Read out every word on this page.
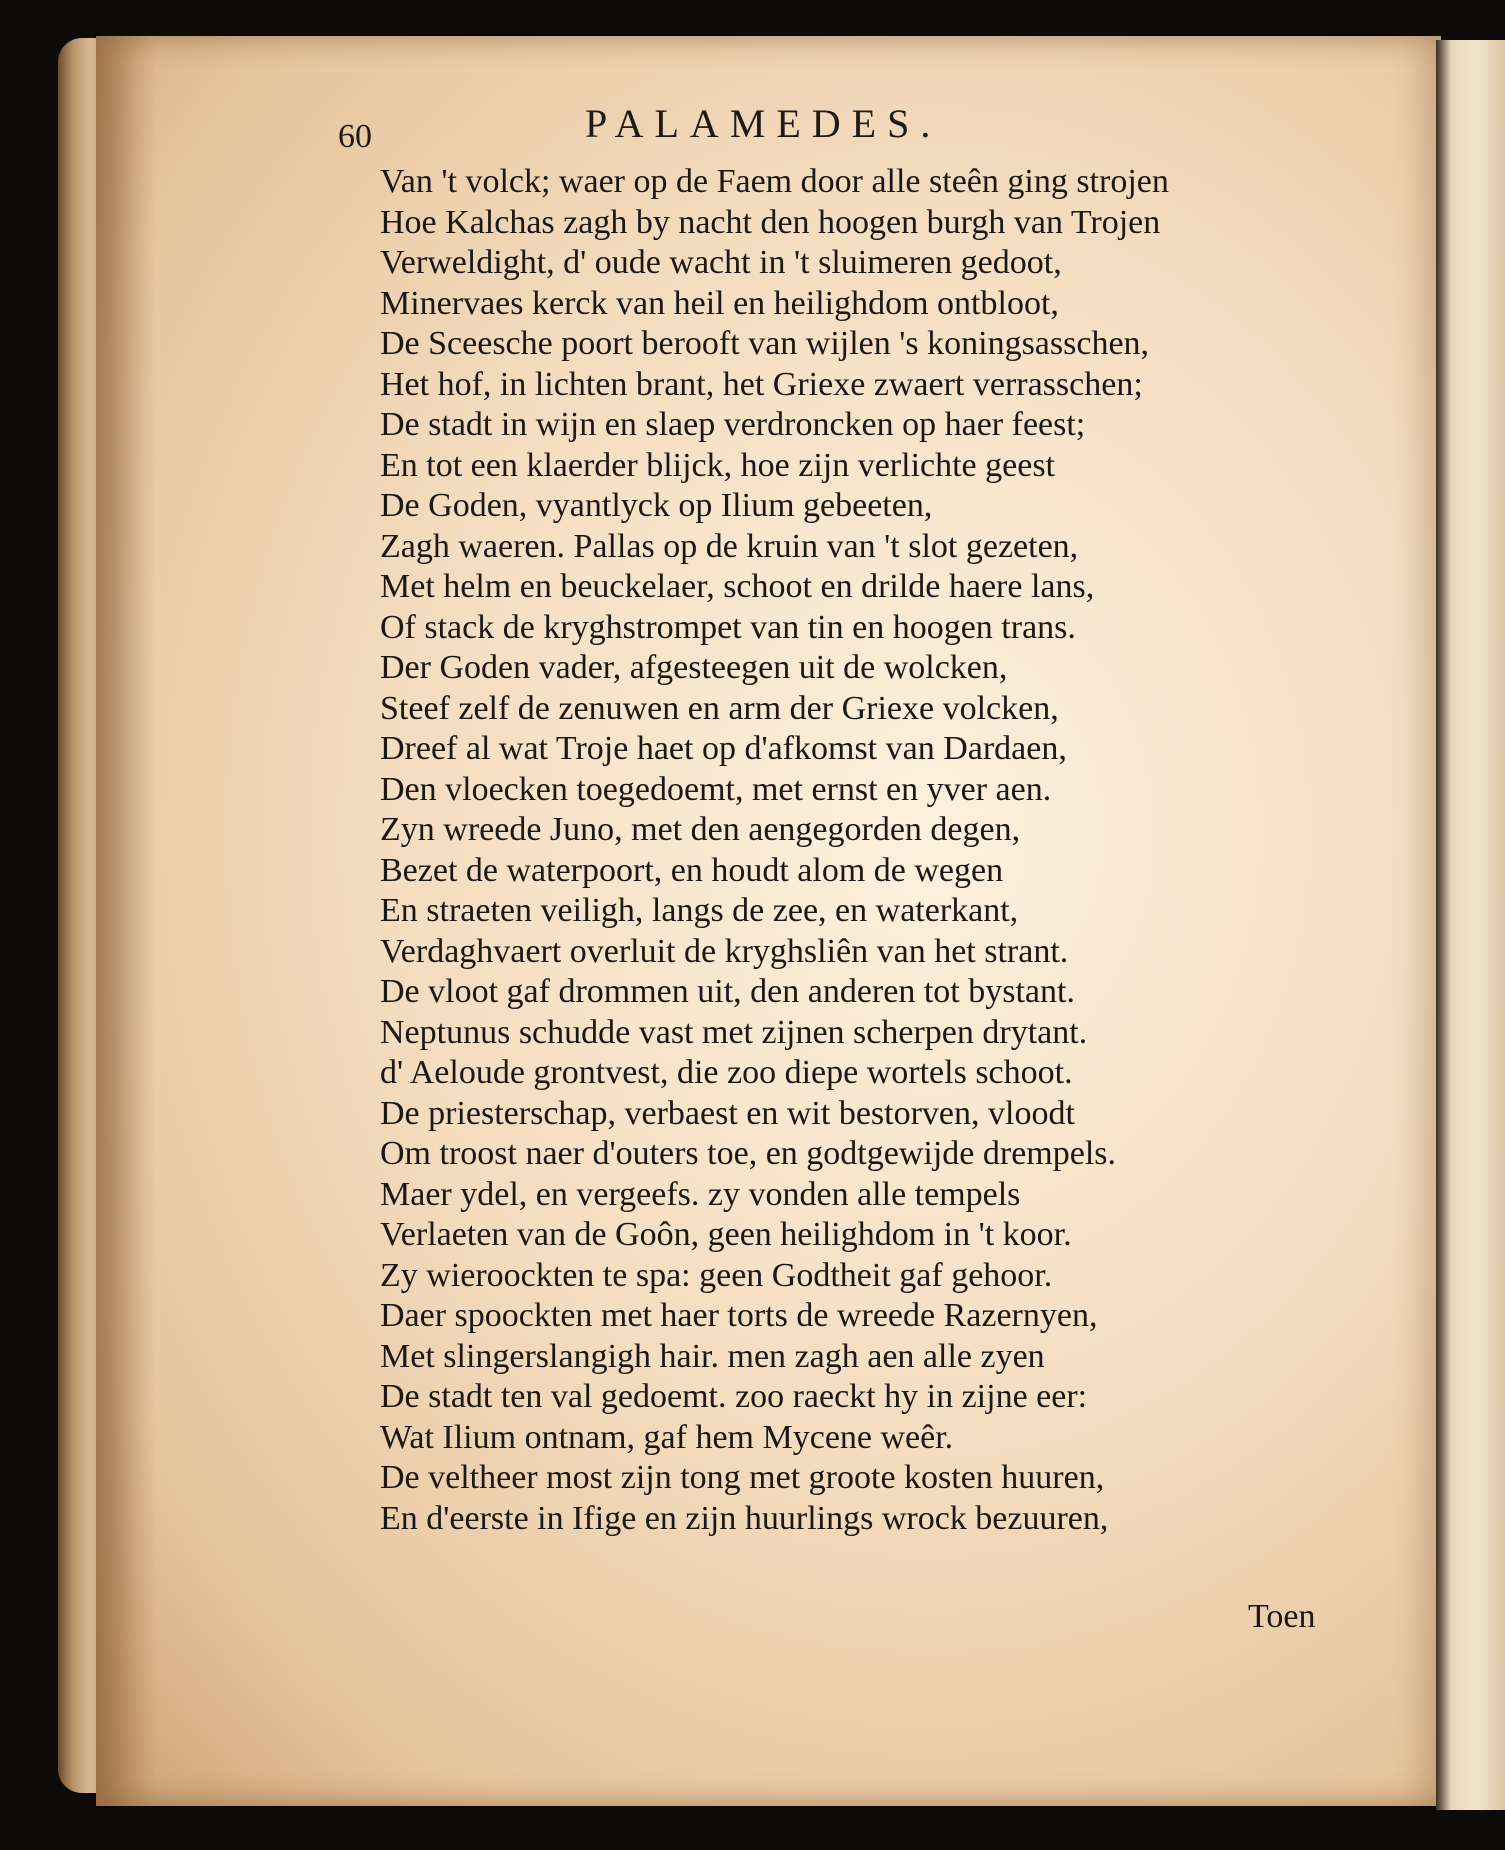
60	PALAMEDES.
Van 't volck; waer op de Faem door alle steên ging strojen
Hoe Kalchas zagh by nacht den hoogen burgh van Trojen
Verweldight, d' oude wacht in 't sluimeren gedoot,
Minervaes kerck van heil en heilighdom ontbloot,
De Sceesche poort berooft van wijlen 's koningsasschen,
Het hof, in lichten brant, het Griexe zwaert verrasschen;
De stadt in wijn en slaep verdroncken op haer feest;
En tot een klaerder blijck, hoe zijn verlichte geest
De Goden, vyantlyck op Ilium gebeeten,
Zagh waeren. Pallas op de kruin van 't slot gezeten,
Met helm en beuckelaer, schoot en drilde haere lans,
Of stack de kryghstrompet van tin en hoogen trans.
Der Goden vader, afgesteegen uit de wolcken,
Steef zelf de zenuwen en arm der Griexe volcken,
Dreef al wat Troje haet op d'afkomst van Dardaen,
Den vloecken toegedoemt, met ernst en yver aen.
Zyn wreede Juno, met den aengegorden degen,
Bezet de waterpoort, en houdt alom de wegen
En straeten veiligh, langs de zee, en waterkant,
Verdaghvaert overluit de kryghsliên van het strant.
De vloot gaf drommen uit, den anderen tot bystant.
Neptunus schudde vast met zijnen scherpen drytant.
d' Aeloude grontvest, die zoo diepe wortels schoot.
De priesterschap, verbaest en wit bestorven, vloodt
Om troost naer d'outers toe, en godtgewijde drempels.
Maer ydel, en vergeefs. zy vonden alle tempels
Verlaeten van de Goôn, geen heilighdom in 't koor.
Zy wieroockten te spa: geen Godtheit gaf gehoor.
Daer spoockten met haer torts de wreede Razernyen,
Met slingerslangigh hair. men zagh aen alle zyen
De stadt ten val gedoemt. zoo raeckt hy in zijne eer:
Wat Ilium ontnam, gaf hem Mycene weêr.
De veltheer most zijn tong met groote kosten huuren,
En d'eerste in Ifige en zijn huurlings wrock bezuuren,
Toen
